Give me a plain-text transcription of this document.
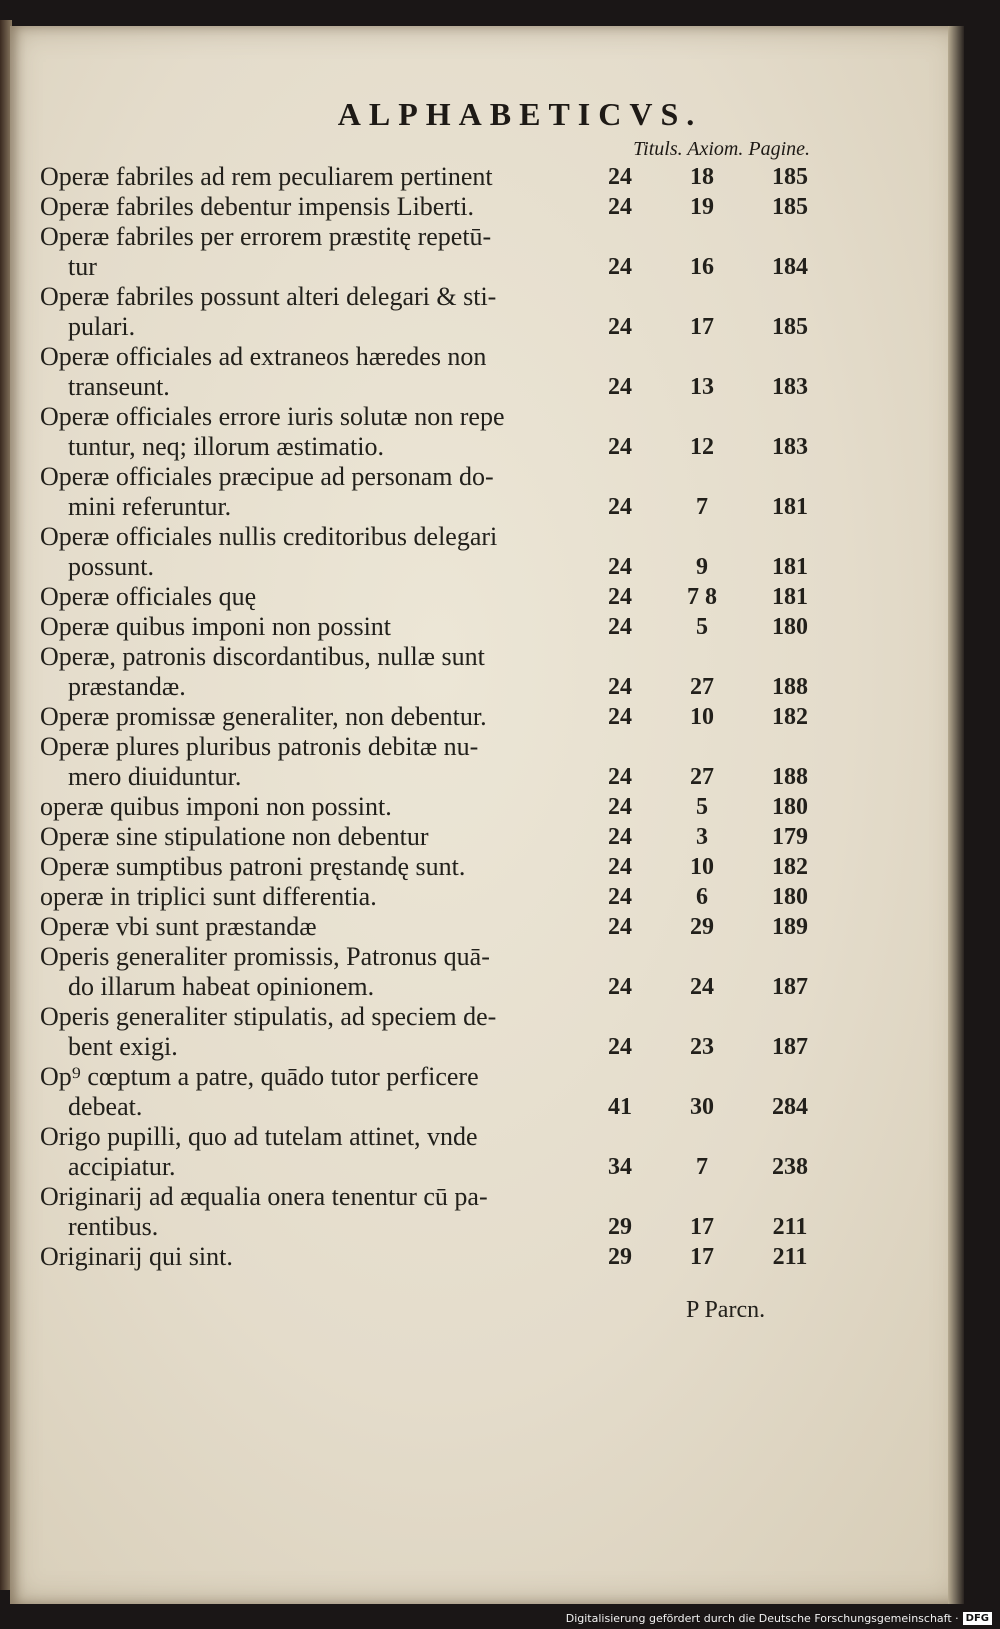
ALPHABETICVS.
Tituls. Axiom. Pagine.
Operæ fabriles ad rem peculiarem pertinent	24	18	185
Operæ fabriles debentur impensis Liberti.	24	19	185
Operæ fabriles per errorem præstitę repetū-
tur	24	16	184
Operæ fabriles possunt alteri delegari & sti-
pulari.	24	17	185
Operæ officiales ad extraneos hæredes non
transeunt.	24	13	183
Operæ officiales errore iuris solutæ non repe
tuntur, neq; illorum æstimatio.	24	12	183
Operæ officiales præcipue ad personam do-
mini referuntur.	24	7	181
Operæ officiales nullis creditoribus delegari
possunt.	24	9	181
Operæ officiales quę	24	7 8	181
Operæ quibus imponi non possint	24	5	180
Operæ, patronis discordantibus, nullæ sunt
præstandæ.	24	27	188
Operæ promissæ generaliter, non debentur.	24	10	182
Operæ plures pluribus patronis debitæ nu-
mero diuiduntur.	24	27	188
operæ quibus imponi non possint.	24	5	180
Operæ sine stipulatione non debentur	24	3	179
Operæ sumptibus patroni pręstandę sunt.	24	10	182
operæ in triplici sunt differentia.	24	6	180
Operæ vbi sunt præstandæ	24	29	189
Operis generaliter promissis, Patronus quā-
do illarum habeat opinionem.	24	24	187
Operis generaliter stipulatis, ad speciem de-
bent exigi.	24	23	187
Op⁹ cœptum a patre, quādo tutor perficere
debeat.	41	30	284
Origo pupilli, quo ad tutelam attinet, vnde
accipiatur.	34	7	238
Originarij ad æqualia onera tenentur cū pa-
rentibus.	29	17	211
Originarij qui sint.	29	17	211
P Parcn.
Digitalisierung gefördert durch die Deutsche Forschungsgemeinschaft · DFG
